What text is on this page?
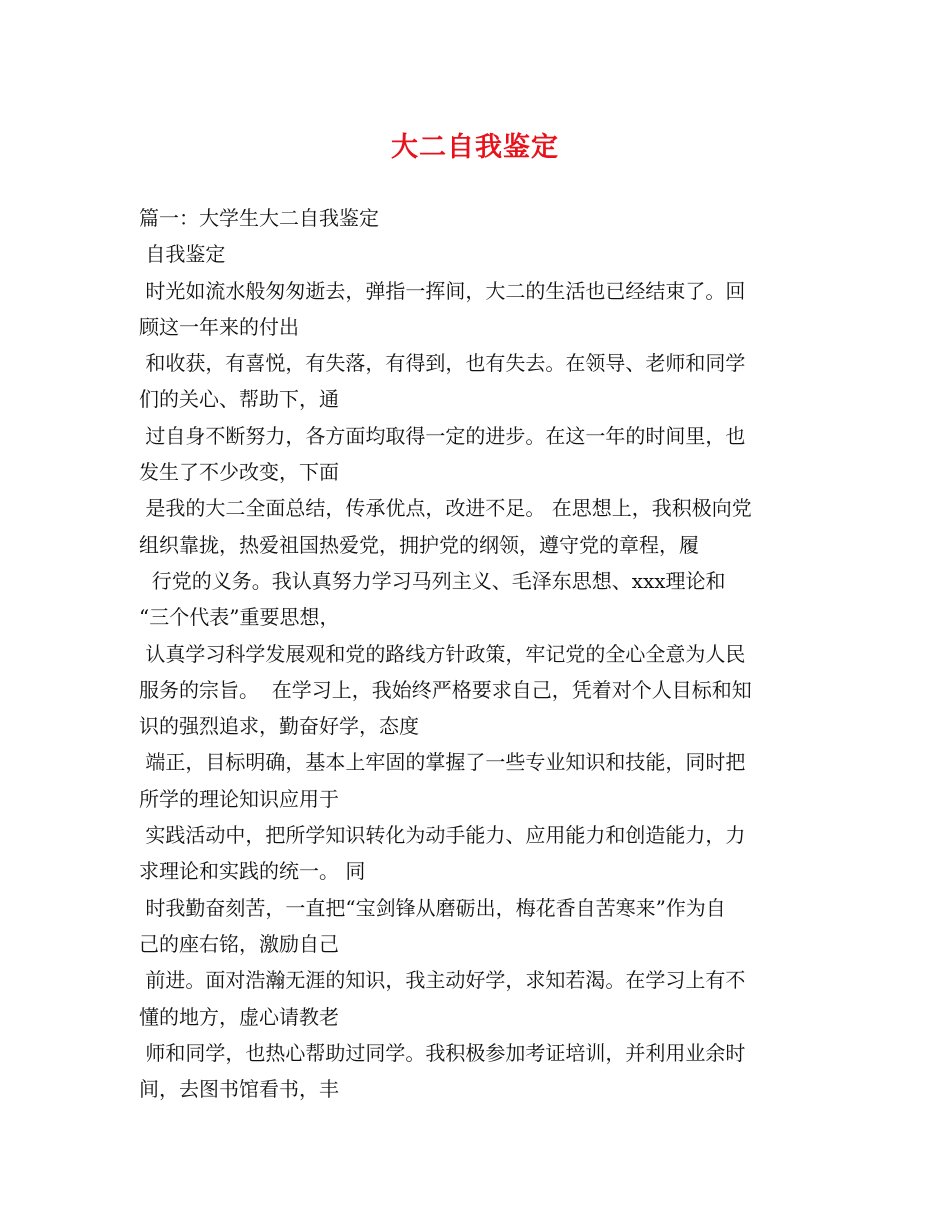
大二自我鉴定
篇一：大学生大二自我鉴定
自我鉴定
时光如流水般匆匆逝去，弹指一挥间，大二的生活也已经结束了。回
顾这一年来的付出
和收获，有喜悦，有失落，有得到，也有失去。在领导、老师和同学
们的关心、帮助下，通
过自身不断努力，各方面均取得一定的进步。在这一年的时间里，也
发生了不少改变，下面
是我的大二全面总结，传承优点，改进不足。 在思想上，我积极向党
组织靠拢，热爱祖国热爱党，拥护党的纲领，遵守党的章程，履
行党的义务。我认真努力学习马列主义、毛泽东思想、xxx理论和
“三个代表”重要思想，
认真学习科学发展观和党的路线方针政策，牢记党的全心全意为人民
服务的宗旨。  在学习上，我始终严格要求自己，凭着对个人目标和知
识的强烈追求，勤奋好学，态度
端正，目标明确，基本上牢固的掌握了一些专业知识和技能，同时把
所学的理论知识应用于
实践活动中，把所学知识转化为动手能力、应用能力和创造能力，力
求理论和实践的统一。 同
时我勤奋刻苦，一直把“宝剑锋从磨砺出，梅花香自苦寒来”作为自
己的座右铭，激励自己
前进。面对浩瀚无涯的知识，我主动好学，求知若渴。在学习上有不
懂的地方，虚心请教老
师和同学，也热心帮助过同学。我积极参加考证培训，并利用业余时
间，去图书馆看书，丰
